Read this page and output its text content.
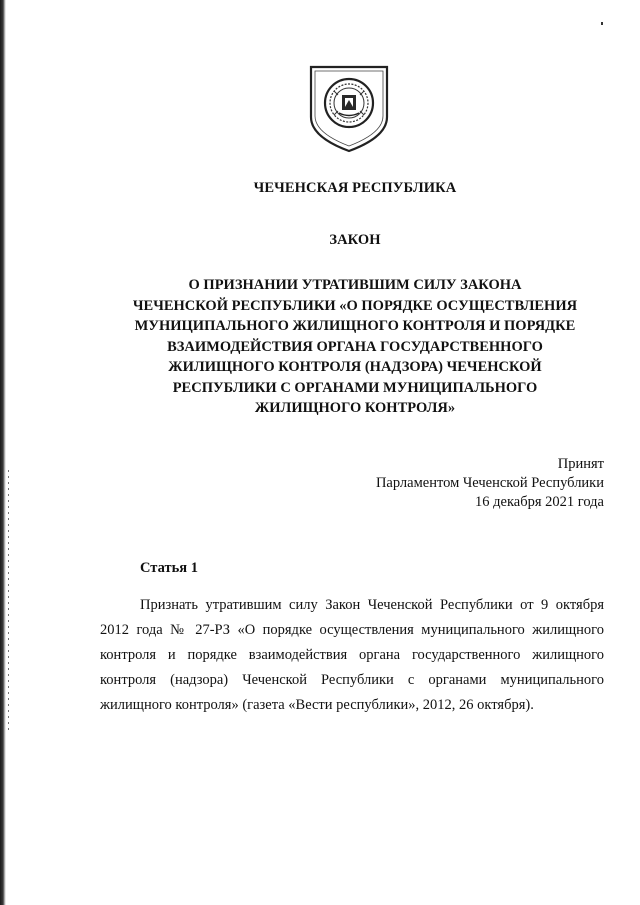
ЧЕЧЕНСКАЯ РЕСПУБЛИКА
ЗАКОН
О ПРИЗНАНИИ УТРАТИВШИМ СИЛУ ЗАКОНА
ЧЕЧЕНСКОЙ РЕСПУБЛИКИ «О ПОРЯДКЕ ОСУЩЕСТВЛЕНИЯ
МУНИЦИПАЛЬНОГО ЖИЛИЩНОГО КОНТРОЛЯ И ПОРЯДКЕ
ВЗАИМОДЕЙСТВИЯ ОРГАНА ГОСУДАРСТВЕННОГО
ЖИЛИЩНОГО КОНТРОЛЯ (НАДЗОРА) ЧЕЧЕНСКОЙ
РЕСПУБЛИКИ С ОРГАНАМИ МУНИЦИПАЛЬНОГО
ЖИЛИЩНОГО КОНТРОЛЯ»
Принят
Парламентом Чеченской Республики
16 декабря 2021 года
Статья 1
Признать утратившим силу Закон Чеченской Республики от 9 октября
2012 года № 27-РЗ «О порядке осуществления муниципального жилищного
контроля и порядке взаимодействия органа государственного жилищного
контроля (надзора) Чеченской Республики с органами муниципального
жилищного контроля» (газета «Вести республики», 2012, 26 октября).
